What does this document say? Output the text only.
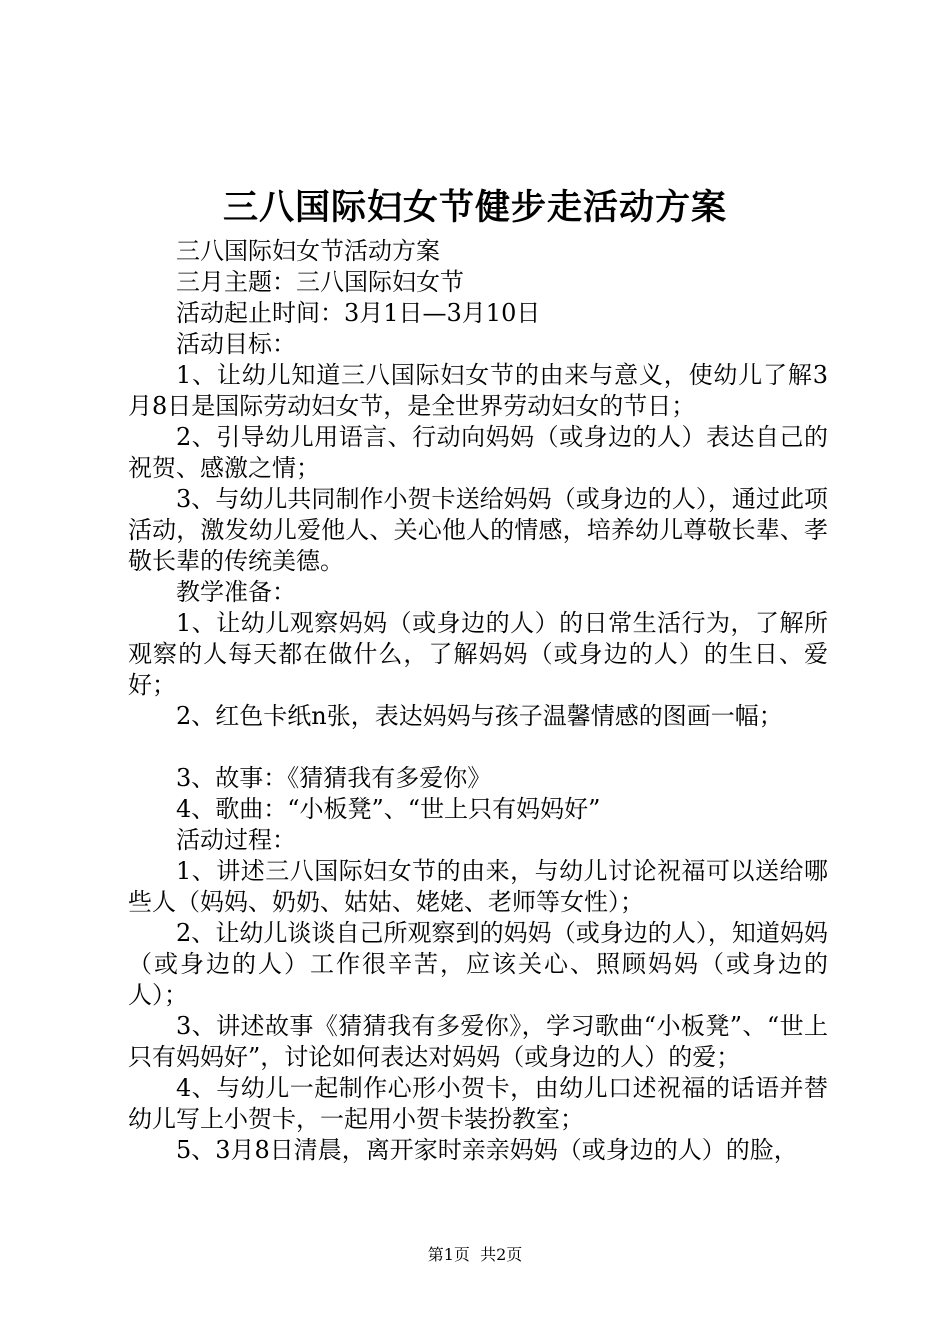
三八国际妇女节健步走活动方案

三八国际妇女节活动方案

三月主题：三八国际妇女节

活动起止时间：3月1日—3月10日

活动目标：

1、让幼儿知道三八国际妇女节的由来与意义，使幼儿了解3月8日是国际劳动妇女节，是全世界劳动妇女的节日；

2、引导幼儿用语言、行动向妈妈（或身边的人）表达自己的祝贺、感激之情；

3、与幼儿共同制作小贺卡送给妈妈（或身边的人），通过此项活动，激发幼儿爱他人、关心他人的情感，培养幼儿尊敬长辈、孝敬长辈的传统美德。

教学准备：

1、让幼儿观察妈妈（或身边的人）的日常生活行为，了解所观察的人每天都在做什么，了解妈妈（或身边的人）的生日、爱好；

2、红色卡纸n张，表达妈妈与孩子温馨情感的图画一幅；

3、故事：《猜猜我有多爱你》

4、歌曲：“小板凳”、“世上只有妈妈好”

活动过程：

1、讲述三八国际妇女节的由来，与幼儿讨论祝福可以送给哪些人（妈妈、奶奶、姑姑、姥姥、老师等女性）；

2、让幼儿谈谈自己所观察到的妈妈（或身边的人），知道妈妈（或身边的人）工作很辛苦，应该关心、照顾妈妈（或身边的人）；

3、讲述故事《猜猜我有多爱你》，学习歌曲“小板凳”、“世上只有妈妈好”，讨论如何表达对妈妈（或身边的人）的爱；

4、与幼儿一起制作心形小贺卡，由幼儿口述祝福的话语并替幼儿写上小贺卡，一起用小贺卡装扮教室；

5、3月8日清晨，离开家时亲亲妈妈（或身边的人）的脸，

第1页 共2页
